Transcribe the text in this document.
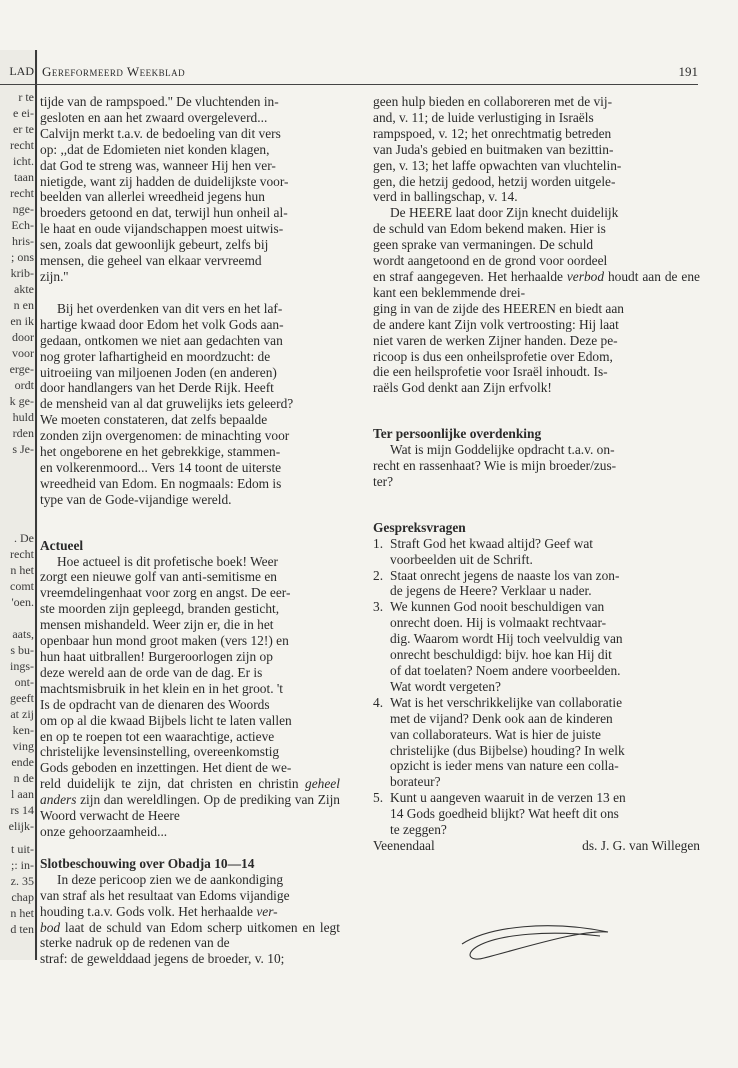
r te
e ei-
er te
recht
icht.
taan
recht
nge-
Ech-
hris-
; ons
krib-
akte
n en
en ik
door
voor
erge-
ordt
k ge-
huld
rden
s Je-
. De
recht
n het
comt
'oen.

aats,
s bu-
ings-
ont-
geeft
at zij
ken-
ving
ende
n de
l aan
rs 14
elijk-
t uit-
;: in-
z. 35
chap
n het
d ten
LAD Gereformeerd Weekblad	191

tijde van de rampspoed.'' De vluchtenden in-
gesloten en aan het zwaard overgeleverd...
Calvijn merkt t.a.v. de bedoeling van dit vers
op: ,,dat de Edomieten niet konden klagen,
dat God te streng was, wanneer Hij hen ver-
nietigde, want zij hadden de duidelijkste voor-
beelden van allerlei wreedheid jegens hun
broeders getoond en dat, terwijl hun onheil al-
le haat en oude vijandschappen moest uitwis-
sen, zoals dat gewoonlijk gebeurt, zelfs bij
mensen, die geheel van elkaar vervreemd
zijn.''

Bij het overdenken van dit vers en het laf-
hartige kwaad door Edom het volk Gods aan-
gedaan, ontkomen we niet aan gedachten van
nog groter lafhartigheid en moordzucht: de
uitroeiing van miljoenen Joden (en anderen)
door handlangers van het Derde Rijk. Heeft
de mensheid van al dat gruwelijks iets geleerd?
We moeten constateren, dat zelfs bepaalde
zonden zijn overgenomen: de minachting voor
het ongeborene en het gebrekkige, stammen-
en volkerenmoord... Vers 14 toont de uiterste
wreedheid van Edom. En nogmaals: Edom is
type van de Gode-vijandige wereld.

Actueel

Hoe actueel is dit profetische boek! Weer
zorgt een nieuwe golf van anti-semitisme en
vreemdelingenhaat voor zorg en angst. De eer-
ste moorden zijn gepleegd, branden gesticht,
mensen mishandeld. Weer zijn er, die in het
openbaar hun mond groot maken (vers 12!) en
hun haat uitbrallen! Burgeroorlogen zijn op
deze wereld aan de orde van de dag. Er is
machtsmisbruik in het klein en in het groot. 't
Is de opdracht van de dienaren des Woords
om op al die kwaad Bijbels licht te laten vallen
en op te roepen tot een waarachtige, actieve
christelijke levensinstelling, overeenkomstig
Gods geboden en inzettingen. Het dient de we-
reld duidelijk te zijn, dat christen en christin geheel anders zijn dan wereldlingen. Op de prediking van Zijn Woord verwacht de Heere
onze gehoorzaamheid...

Slotbeschouwing over Obadja 10—14

In deze pericoop zien we de aankondiging
van straf als het resultaat van Edoms vijandige
houding t.a.v. Gods volk. Het herhaalde ver-
bod laat de schuld van Edom scherp uitkomen en legt sterke nadruk op de redenen van de
straf: de gewelddaad jegens de broeder, v. 10;

geen hulp bieden en collaboreren met de vij-
and, v. 11; de luide verlustiging in Israëls
rampspoed, v. 12; het onrechtmatig betreden
van Juda's gebied en buitmaken van bezittin-
gen, v. 13; het laffe opwachten van vluchtelin-
gen, die hetzij gedood, hetzij worden uitgele-
verd in ballingschap, v. 14.

De HEERE laat door Zijn knecht duidelijk
de schuld van Edom bekend maken. Hier is
geen sprake van vermaningen. De schuld
wordt aangetoond en de grond voor oordeel
en straf aangegeven. Het herhaalde verbod houdt aan de ene kant een beklemmende drei-
ging in van de zijde des HEEREN en biedt aan
de andere kant Zijn volk vertroosting: Hij laat
niet varen de werken Zijner handen. Deze pe-
ricoop is dus een onheilsprofetie over Edom,
die een heilsprofetie voor Israël inhoudt. Is-
raëls God denkt aan Zijn erfvolk!

Ter persoonlijke overdenking

Wat is mijn Goddelijke opdracht t.a.v. on-
recht en rassenhaat? Wie is mijn broeder/zus-
ter?

Gespreksvragen
1. Straft God het kwaad altijd? Geef wat
voorbeelden uit de Schrift.
2. Staat onrecht jegens de naaste los van zon-
de jegens de Heere? Verklaar u nader.
3. We kunnen God nooit beschuldigen van
onrecht doen. Hij is volmaakt rechtvaar-
dig. Waarom wordt Hij toch veelvuldig van
onrecht beschuldigd: bijv. hoe kan Hij dit
of dat toelaten? Noem andere voorbeelden.
Wat wordt vergeten?
4. Wat is het verschrikkelijke van collaboratie
met de vijand? Denk ook aan de kinderen
van collaborateurs. Wat is hier de juiste
christelijke (dus Bijbelse) houding? In welk
opzicht is ieder mens van nature een colla-
borateur?
5. Kunt u aangeven waaruit in de verzen 13 en
14 Gods goedheid blijkt? Wat heeft dit ons
te zeggen?
Veenendaal	ds. J. G. van Willegen
